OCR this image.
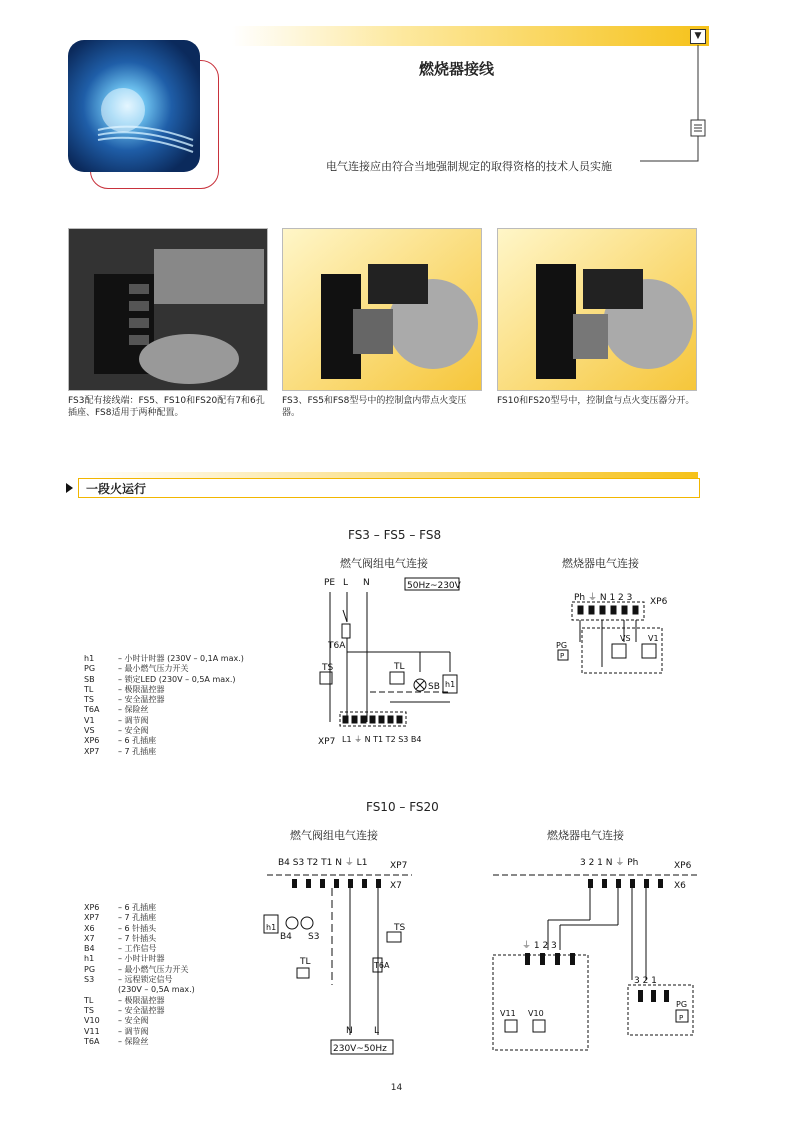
▼
燃烧器接线
电气连接应由符合当地强制规定的取得资格的技术人员实施
FS3配有接线端：FS5、FS10和FS20配有7和6孔插座、FS8适用于两种配置。
FS3、FS5和FS8型号中的控制盒内带点火变压器。
FS10和FS20型号中，控制盒与点火变压器分开。
一段火运行
FS3 – FS5 – FS8
燃气阀组电气连接	燃烧器电气连接
PE L N	50Hz~230V
T6A
TS	TL
SB h1
XP7 L1 ⏚ N T1 T2 S3 B4
Ph ⏚ N 1 2 3 XP6
PG
P
VS V1
h1	– 小时计时器 (230V – 0,1A max.)
PG	– 最小燃气压力开关
SB	– 锁定LED (230V – 0,5A max.)
TL	– 极限温控器
TS	– 安全温控器
T6A	– 保险丝
V1	– 调节阀
VS	– 安全阀
XP6	– 6 孔插座
XP7	– 7 孔插座
FS10 – FS20
燃气阀组电气连接	燃烧器电气连接
B4 S3 T2 T1 N ⏚ L1	XP7
X7
h1
B4 S3
TL
TS
T6A
N L
230V~50Hz
3 2 1 N ⏚ Ph	XP6
X6
⏚ 1 2 3
3 2 1
V11 V10
PG
P
XP6	– 6 孔插座
XP7	– 7 孔插座
X6	– 6 针插头
X7	– 7 针插头
B4	– 工作信号
h1	– 小时计时器
PG	– 最小燃气压力开关
S3	– 远程锁定信号
(230V – 0,5A max.)
TL	– 极限温控器
TS	– 安全温控器
V10	– 安全阀
V11	– 调节阀
T6A	– 保险丝
14
